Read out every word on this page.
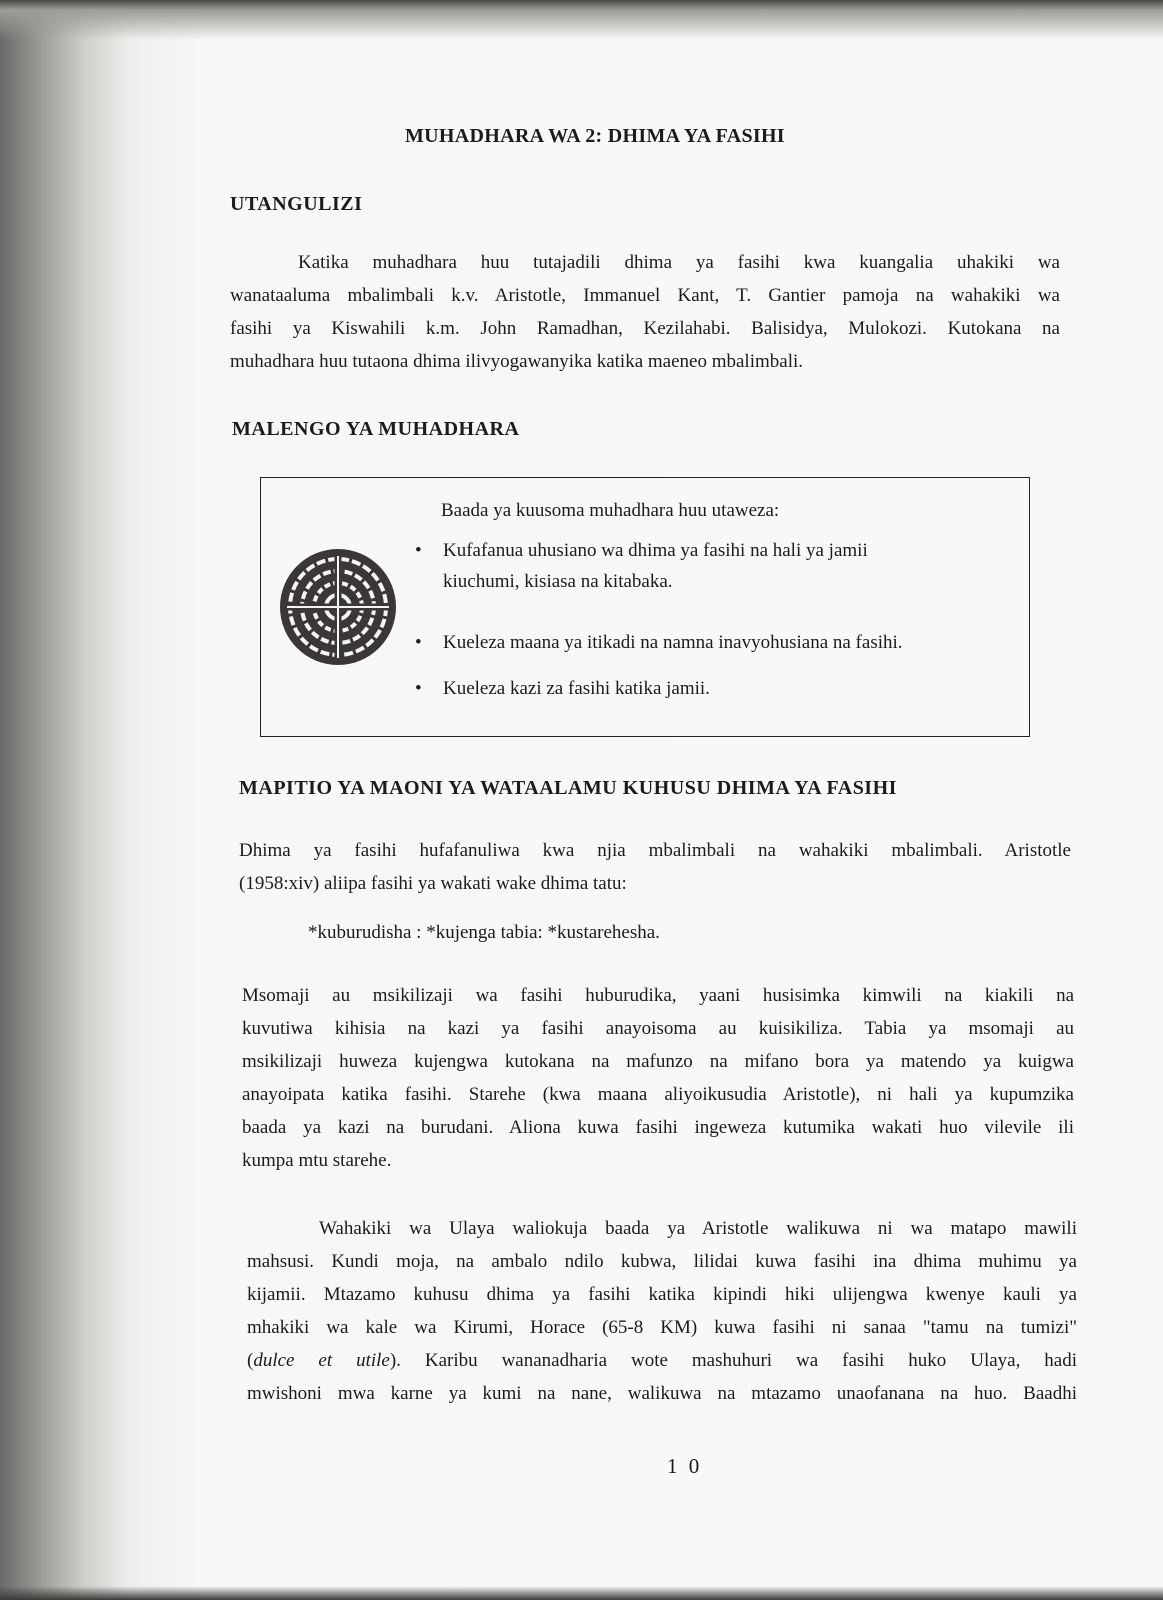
MUHADHARA WA 2: DHIMA YA FASIHI
UTANGULIZI
Katika muhadhara huu tutajadili dhima ya fasihi kwa kuangalia uhakiki wa
wanataaluma mbalimbali k.v. Aristotle, Immanuel Kant, T. Gantier pamoja na wahakiki wa
fasihi ya Kiswahili k.m. John Ramadhan, Kezilahabi. Balisidya, Mulokozi. Kutokana na
muhadhara huu tutaona dhima ilivyogawanyika katika maeneo mbalimbali.
MALENGO YA MUHADHARA
Baada ya kuusoma muhadhara huu utaweza:
• Kufafanua uhusiano wa dhima ya fasihi na hali ya jamii
kiuchumi, kisiasa na kitabaka.
• Kueleza maana ya itikadi na namna inavyohusiana na fasihi.
• Kueleza kazi za fasihi katika jamii.
MAPITIO YA MAONI YA WATAALAMU KUHUSU DHIMA YA FASIHI
Dhima ya fasihi hufafanuliwa kwa njia mbalimbali na wahakiki mbalimbali. Aristotle
(1958:xiv) aliipa fasihi ya wakati wake dhima tatu:
*kuburudisha : *kujenga tabia: *kustarehesha.
Msomaji au msikilizaji wa fasihi huburudika, yaani husisimka kimwili na kiakili na
kuvutiwa kihisia na kazi ya fasihi anayoisoma au kuisikiliza. Tabia ya msomaji au
msikilizaji huweza kujengwa kutokana na mafunzo na mifano bora ya matendo ya kuigwa
anayoipata katika fasihi. Starehe (kwa maana aliyoikusudia Aristotle), ni hali ya kupumzika
baada ya kazi na burudani. Aliona kuwa fasihi ingeweza kutumika wakati huo vilevile ili
kumpa mtu starehe.
Wahakiki wa Ulaya waliokuja baada ya Aristotle walikuwa ni wa matapo mawili
mahsusi. Kundi moja, na ambalo ndilo kubwa, lilidai kuwa fasihi ina dhima muhimu ya
kijamii. Mtazamo kuhusu dhima ya fasihi katika kipindi hiki ulijengwa kwenye kauli ya
mhakiki wa kale wa Kirumi, Horace (65-8 KM) kuwa fasihi ni sanaa "tamu na tumizi"
(dulce et utile). Karibu wananadharia wote mashuhuri wa fasihi huko Ulaya, hadi
mwishoni mwa karne ya kumi na nane, walikuwa na mtazamo unaofanana na huo. Baadhi
1 0
